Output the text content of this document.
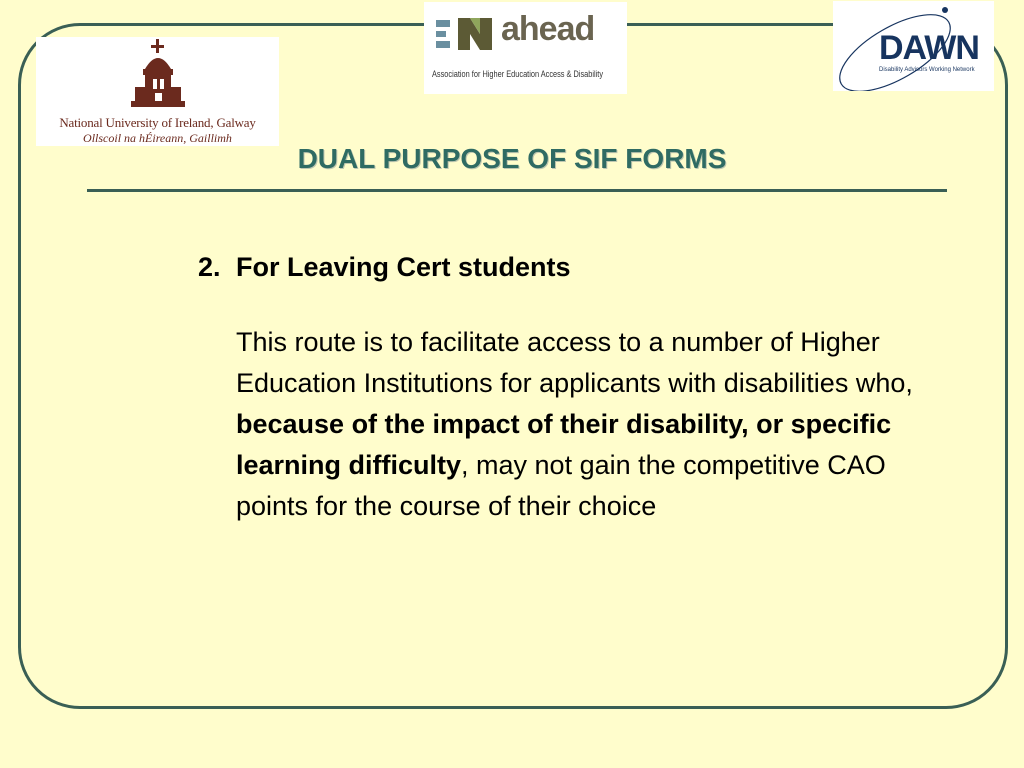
National University of Ireland, Galway
Ollscoil na hÉireann, Gaillimh
ahead
Association for Higher Education Access & Disability
DAWN
Disability Advisors Working Network
DUAL PURPOSE OF SIF FORMS

2. For Leaving Cert students

This route is to facilitate access to a number of Higher Education Institutions for applicants with disabilities who, because of the impact of their disability, or specific learning difficulty, may not gain the competitive CAO points for the course of their choice
